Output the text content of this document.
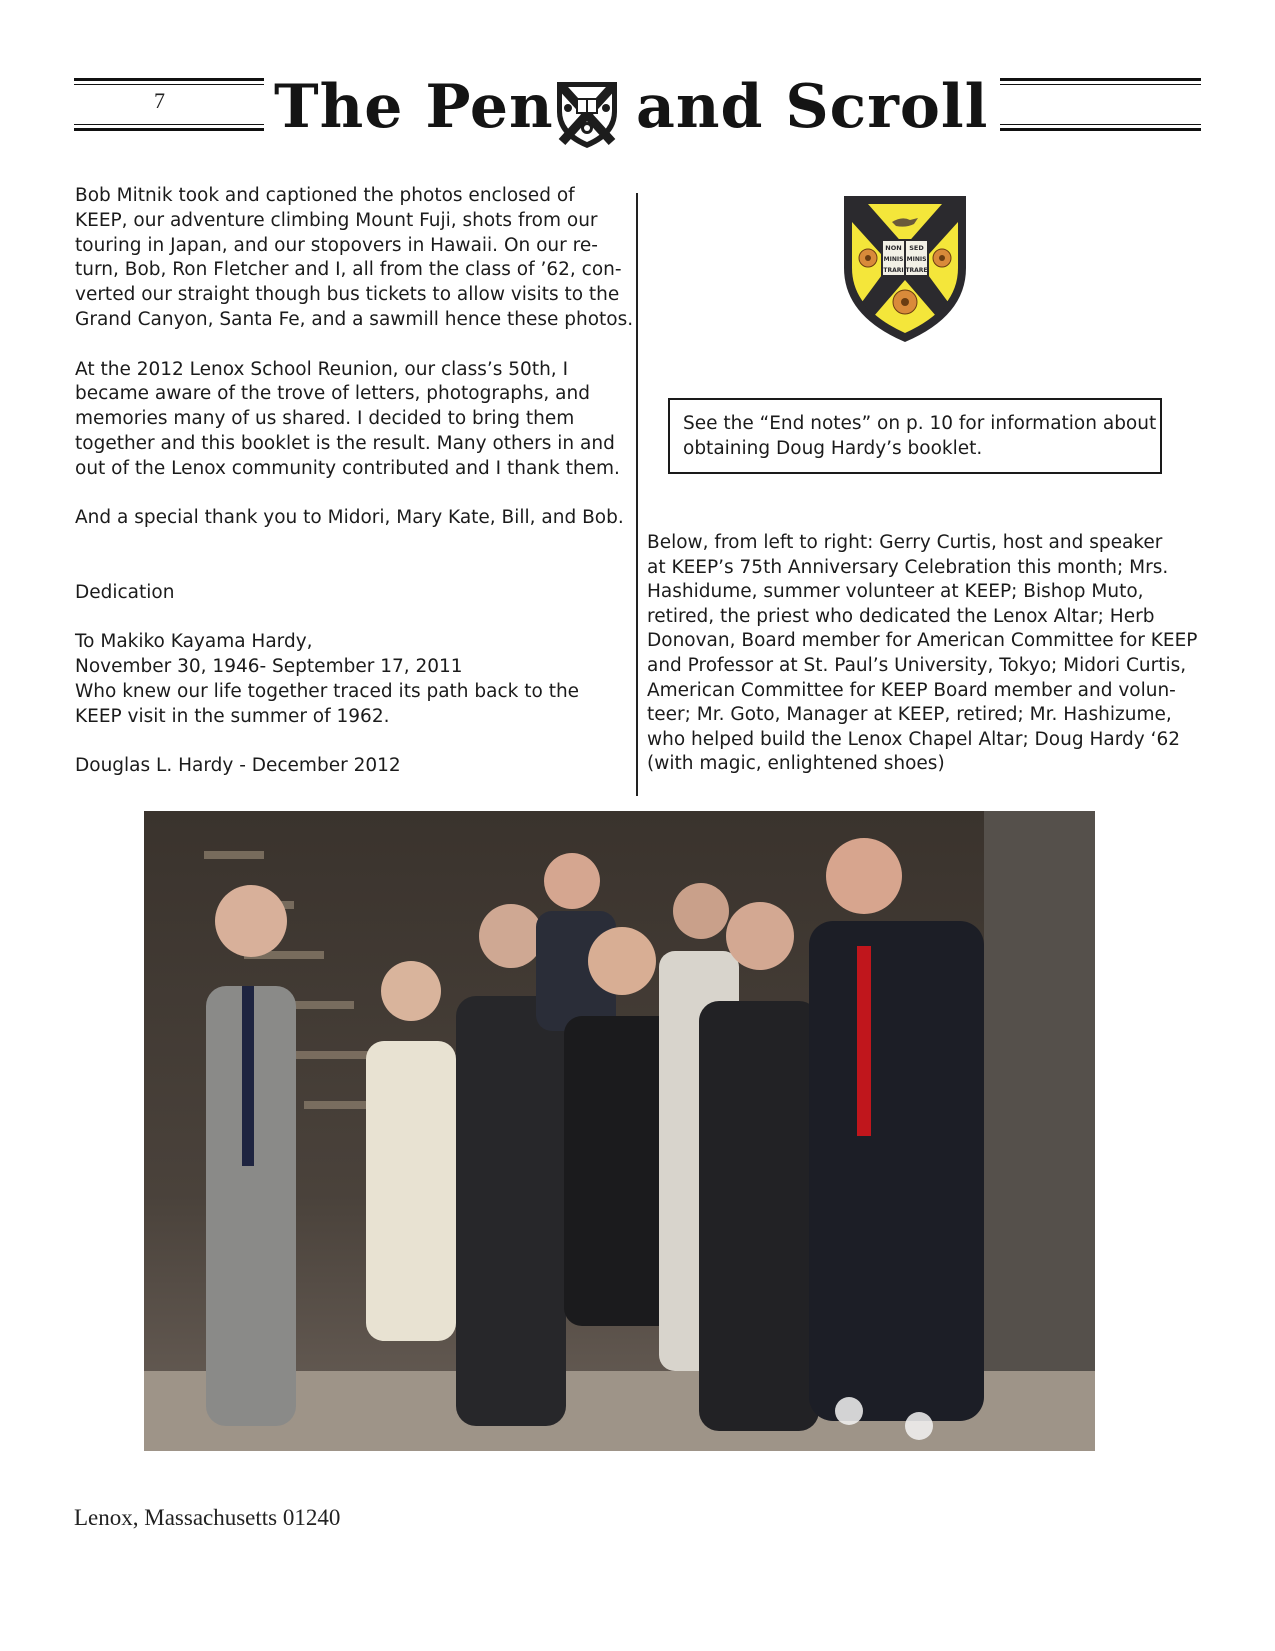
7 The Pen and Scroll

Bob Mitnik took and captioned the photos enclosed of

KEEP, our adventure climbing Mount Fuji, shots from our

touring in Japan, and our stopovers in Hawaii. On our re-

turn, Bob, Ron Fletcher and I, all from the class of ’62, con-

verted our straight though bus tickets to allow visits to the

Grand Canyon, Santa Fe, and a sawmill hence these photos.

At the 2012 Lenox School Reunion, our class’s 50th, I

became aware of the trove of letters, photographs, and

memories many of us shared. I decided to bring them

together and this booklet is the result. Many others in and

out of the Lenox community contributed and I thank them.

And a special thank you to Midori, Mary Kate, Bill, and Bob.

Dedication

To Makiko Kayama Hardy,

November 30, 1946- September 17, 2011

Who knew our life together traced its path back to the

KEEP visit in the summer of 1962.

Douglas L. Hardy - December 2012

NON SED
MINIS MINIS
TRARI TRARE
See the “End notes” on p. 10 for information about
obtaining Doug Hardy’s booklet.

Below, from left to right: Gerry Curtis, host and speaker

at KEEP’s 75th Anniversary Celebration this month; Mrs.

Hashidume, summer volunteer at KEEP; Bishop Muto,

retired, the priest who dedicated the Lenox Altar; Herb

Donovan, Board member for American Committee for KEEP

and Professor at St. Paul’s University, Tokyo; Midori Curtis,

American Committee for KEEP Board member and volun-

teer; Mr. Goto, Manager at KEEP, retired; Mr. Hashizume,

who helped build the Lenox Chapel Altar; Doug Hardy ‘62

(with magic, enlightened shoes)

Lenox, Massachusetts 01240
